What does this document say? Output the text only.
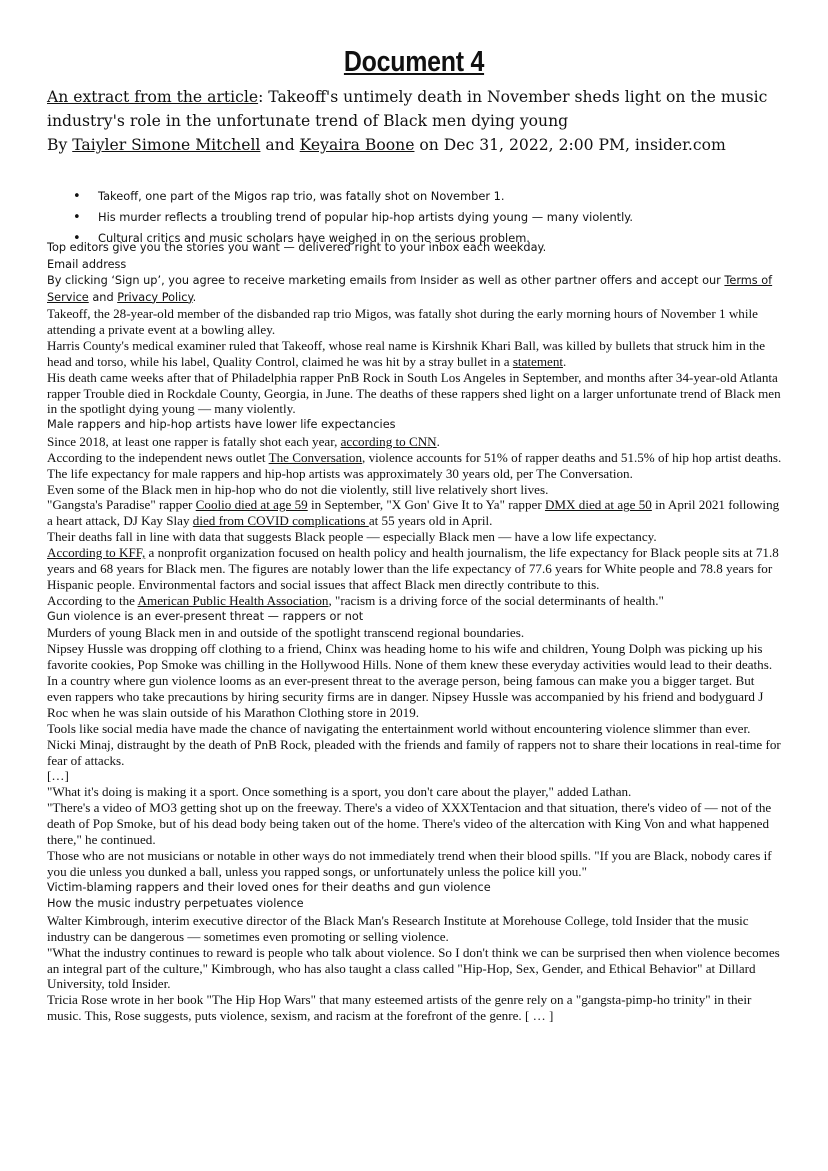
Document 4
An extract from the article: Takeoff's untimely death in November sheds light on the music
industry's role in the unfortunate trend of Black men dying young
By Taiyler Simone Mitchell and Keyaira Boone on Dec 31, 2022, 2:00 PM, insider.com
• Takeoff, one part of the Migos rap trio, was fatally shot on November 1.
• His murder reflects a troubling trend of popular hip-hop artists dying young — many violently.
• Cultural critics and music scholars have weighed in on the serious problem.
Top editors give you the stories you want — delivered right to your inbox each weekday.
Email address
By clicking ‘Sign up’, you agree to receive marketing emails from Insider as well as other partner offers and accept our Terms of Service and Privacy Policy.

Takeoff, the 28-year-old member of the disbanded rap trio Migos, was fatally shot during the early morning hours of November 1 while attending a private event at a bowling alley.

Harris County's medical examiner ruled that Takeoff, whose real name is Kirshnik Khari Ball, was killed by bullets that struck him in the head and torso, while his label, Quality Control, claimed he was hit by a stray bullet in a statement.

His death came weeks after that of Philadelphia rapper PnB Rock in South Los Angeles in September, and months after 34-year-old Atlanta rapper Trouble died in Rockdale County, Georgia, in June. The deaths of these rappers shed light on a larger unfortunate trend of Black men in the spotlight dying young — many violently.

Male rappers and hip-hop artists have lower life expectancies

Since 2018, at least one rapper is fatally shot each year, according to CNN.

According to the independent news outlet The Conversation, violence accounts for 51% of rapper deaths and 51.5% of hip hop artist deaths. The life expectancy for male rappers and hip-hop artists was approximately 30 years old, per The Conversation.

Even some of the Black men in hip-hop who do not die violently, still live relatively short lives.

"Gangsta's Paradise" rapper Coolio died at age 59 in September, "X Gon' Give It to Ya" rapper DMX died at age 50 in April 2021 following a heart attack, DJ Kay Slay died from COVID complications at 55 years old in April.

Their deaths fall in line with data that suggests Black people — especially Black men — have a low life expectancy.

According to KFF, a nonprofit organization focused on health policy and health journalism, the life expectancy for Black people sits at 71.8 years and 68 years for Black men. The figures are notably lower than the life expectancy of 77.6 years for White people and 78.8 years for Hispanic people. Environmental factors and social issues that affect Black men directly contribute to this.

According to the American Public Health Association, "racism is a driving force of the social determinants of health."

Gun violence is an ever-present threat — rappers or not

Murders of young Black men in and outside of the spotlight transcend regional boundaries.

Nipsey Hussle was dropping off clothing to a friend, Chinx was heading home to his wife and children, Young Dolph was picking up his favorite cookies, Pop Smoke was chilling in the Hollywood Hills. None of them knew these everyday activities would lead to their deaths.

In a country where gun violence looms as an ever-present threat to the average person, being famous can make you a bigger target. But even rappers who take precautions by hiring security firms are in danger. Nipsey Hussle was accompanied by his friend and bodyguard J Roc when he was slain outside of his Marathon Clothing store in 2019.

Tools like social media have made the chance of navigating the entertainment world without encountering violence slimmer than ever.

Nicki Minaj, distraught by the death of PnB Rock, pleaded with the friends and family of rappers not to share their locations in real-time for fear of attacks.

[…]

"What it's doing is making it a sport. Once something is a sport, you don't care about the player," added Lathan.

"There's a video of MO3 getting shot up on the freeway. There's a video of XXXTentacion and that situation, there's video of — not of the death of Pop Smoke, but of his dead body being taken out of the home. There's video of the altercation with King Von and what happened there," he continued.

Those who are not musicians or notable in other ways do not immediately trend when their blood spills. "If you are Black, nobody cares if you die unless you dunked a ball, unless you rapped songs, or unfortunately unless the police kill you."

Victim-blaming rappers and their loved ones for their deaths and gun violence
How the music industry perpetuates violence

Walter Kimbrough, interim executive director of the Black Man's Research Institute at Morehouse College, told Insider that the music industry can be dangerous — sometimes even promoting or selling violence.

"What the industry continues to reward is people who talk about violence. So I don't think we can be surprised then when violence becomes an integral part of the culture," Kimbrough, who has also taught a class called "Hip-Hop, Sex, Gender, and Ethical Behavior" at Dillard University, told Insider.

Tricia Rose wrote in her book "The Hip Hop Wars" that many esteemed artists of the genre rely on a "gangsta-pimp-ho trinity" in their music. This, Rose suggests, puts violence, sexism, and racism at the forefront of the genre. [ … ]
